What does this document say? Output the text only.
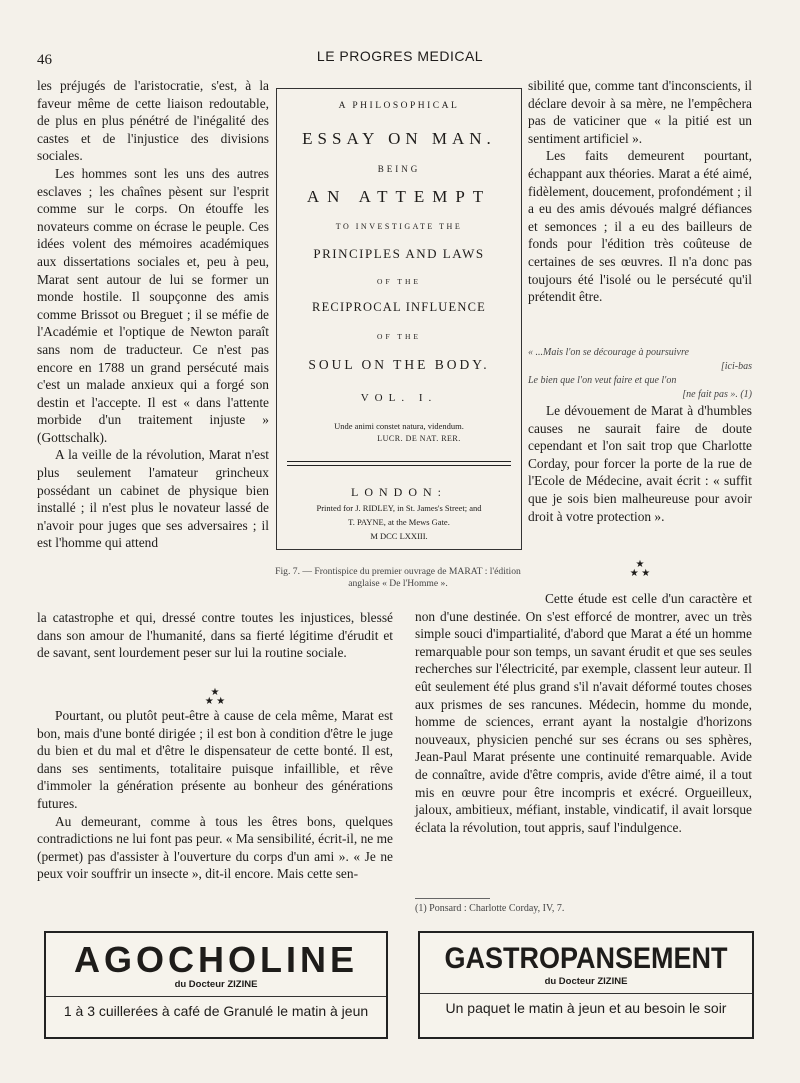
46	LE PROGRES MEDICAL

les préjugés de l'aristocratie, s'est, à la faveur même de cette liaison redoutable, de plus en plus pénétré de l'inégalité des castes et de l'injustice des divisions sociales.

Les hommes sont les uns des autres esclaves ; les chaînes pèsent sur l'esprit comme sur le corps. On étouffe les novateurs comme on écrase le peuple. Ces idées volent des mémoires académiques aux dissertations sociales et, peu à peu, Marat sent autour de lui se former un monde hostile. Il soupçonne des amis comme Brissot ou Breguet ; il se méfie de l'Académie et l'optique de Newton paraît sans nom de traducteur. Ce n'est pas encore en 1788 un grand persécuté mais c'est un malade anxieux qui a forgé son destin et l'accepte. Il est « dans l'attente morbide d'un traitement injuste » (Gottschalk).

A la veille de la révolution, Marat n'est plus seulement l'amateur grincheux possédant un cabinet de physique bien installé ; il n'est plus le novateur lassé de n'avoir pour juges que ses adversaires ; il est l'homme qui attend

A PHILOSOPHICAL
ESSAY ON MAN.
BEING
AN ATTEMPT
TO INVESTIGATE THE
PRINCIPLES AND LAWS
OF THE
RECIPROCAL INFLUENCE
OF THE
SOUL ON THE BODY.
VOL. I.
Unde animi constet natura, videndum.
LUCR. DE NAT. RER.
LONDON:
Printed for J. RIDLEY, in St. James's Street; and
T. PAYNE, at the Mews Gate.
M DCC LXXIII.
Fig. 7. — Frontispice du premier ouvrage de MARAT : l'édition anglaise « De l'Homme ».

sibilité que, comme tant d'inconscients, il déclare devoir à sa mère, ne l'empêchera pas de vaticiner que « la pitié est un sentiment artificiel ».

Les faits demeurent pourtant, échappant aux théories. Marat a été aimé, fidèlement, doucement, profondément ; il a eu des amis dévoués malgré défiances et semonces ; il a eu des bailleurs de fonds pour l'édition très coûteuse de certaines de ses œuvres. Il n'a donc pas toujours été l'isolé ou le persécuté qu'il prétendit être.

« ...Mais l'on se décourage à poursuivre
[ici-bas
Le bien que l'on veut faire et que l'on
[ne fait pas ». (1)

Le dévouement de Marat à d'humbles causes ne saurait faire de doute cependant et l'on sait trop que Charlotte Corday, pour forcer la porte de la rue de l'Ecole de Médecine, avait écrit : « suffit que je sois bien malheureuse pour avoir droit à votre protection ».

★
★ ★

la catastrophe et qui, dressé contre toutes les injustices, blessé dans son amour de l'humanité, dans sa fierté légitime d'érudit et de savant, sent lourdement peser sur lui la routine sociale.

★
★ ★

Pourtant, ou plutôt peut-être à cause de cela même, Marat est bon, mais d'une bonté dirigée ; il est bon à condition d'être le juge du bien et du mal et d'être le dispensateur de cette bonté. Il est, dans ses sentiments, totalitaire puisque infaillible, et rêve d'immoler la génération présente au bonheur des générations futures.

Au demeurant, comme à tous les êtres bons, quelques contradictions ne lui font pas peur. « Ma sensibilité, écrit-il, ne me (permet) pas d'assister à l'ouverture du corps d'un ami ». « Je ne peux voir souffrir un insecte », dit-il encore. Mais cette sen-

Cette étude est celle d'un caractère et non d'une destinée. On s'est efforcé de montrer, avec un très simple souci d'impartialité, d'abord que Marat a été un homme remarquable pour son temps, un savant érudit et que ses seules recherches sur l'électricité, par exemple, classent leur auteur. Il eût seulement été plus grand s'il n'avait déformé toutes choses aux prismes de ses rancunes. Médecin, homme du monde, homme de sciences, errant ayant la nostalgie d'horizons nouveaux, physicien penché sur ses écrans ou ses sphères, Jean-Paul Marat présente une continuité remarquable. Avide de connaître, avide d'être compris, avide d'être aimé, il a tout mis en œuvre pour être incompris et exécré. Orgueilleux, jaloux, ambitieux, méfiant, instable, vindicatif, il avait lorsque éclata la révolution, tout appris, sauf l'indulgence.

(1) Ponsard : Charlotte Corday, IV, 7.
AGOCHOLINE
du Docteur ZIZINE
1 à 3 cuillerées à café de Granulé le matin à jeun
GASTROPANSEMENT
du Docteur ZIZINE
Un paquet le matin à jeun et au besoin le soir
